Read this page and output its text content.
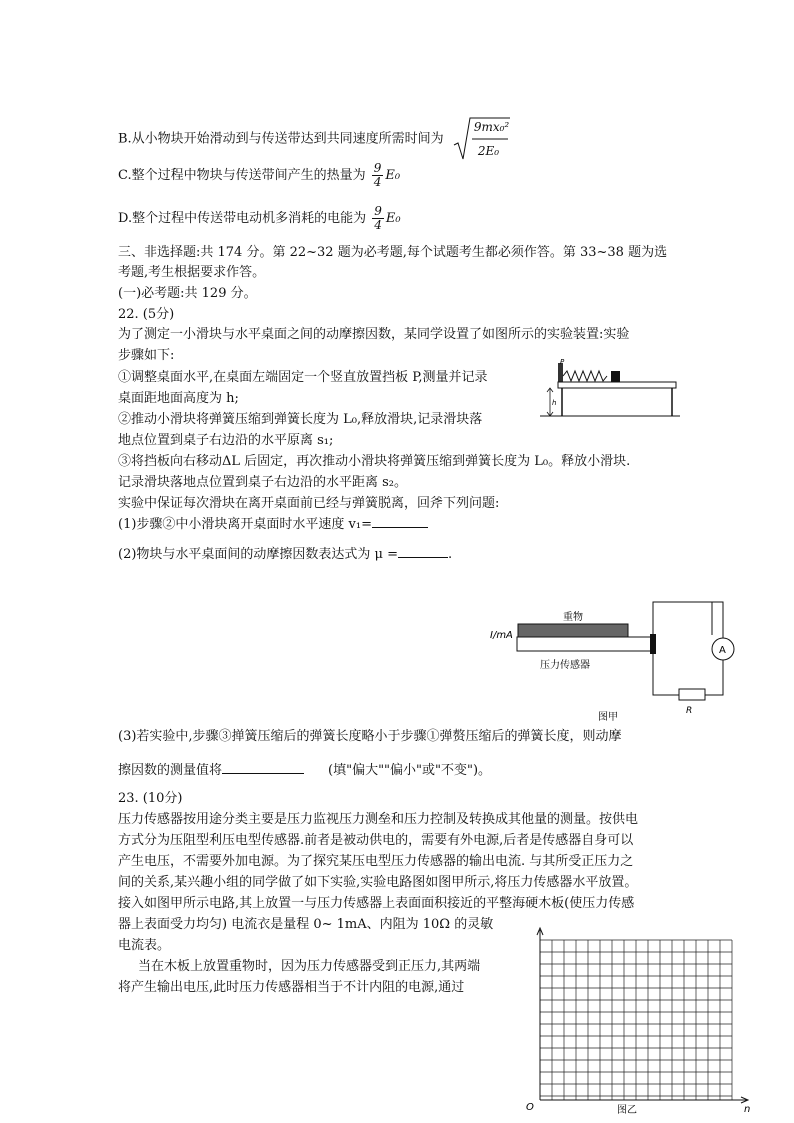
B.从小物块开始滑动到与传送带达到共同速度所需时间为
9mx₀²
2E₀
C.整个过程中物块与传送带间产生的热量为 $\frac{9}{4} E_0$
D.整个过程中传送带电动机多消耗的电能为 $\frac{9}{4} E_0$
三、非选择题:共 174 分。第 22~32 题为必考题,每个试题考生都必须作答。第 33~38 题为选
考题,考生根据要求作答。
(一)必考题:共 129 分。
22. (5分)
为了测定一小滑块与水平桌面之间的动摩擦因数，某同学设置了如图所示的实验装置:实验
步骤如下:
①调整桌面水平,在桌面左端固定一个竖直放置挡板 P,测量并记录
桌面距地面高度为 h;
②推动小滑块将弹簧压缩到弹簧长度为 L₀,释放滑块,记录滑块落
地点位置到桌子右边沿的水平原离 s₁;
③将挡板向右移动ΔL 后固定，再次推动小滑块将弹簧压缩到弹簧长度为 L₀。释放小滑块.
记录滑块落地点位置到桌子右边沿的水平距离 s₂。
实验中保证每次滑块在离开桌面前已经与弹簧脱离，回斧下列问题:
(1)步骤②中小滑块离开桌面时水平速度 v₁=
(2)物块与水平桌面间的动摩擦因数表达式为 μ =	.
P
h
重物
I/mA
压力传感器
A
R
图甲
(3)若实验中,步骤③掸簧压缩后的弹簧长度略小于步骤①弹赘压缩后的弹簧长度，则动摩
擦因数的测量值将	(填"偏大""偏小"或"不变")。
23. (10分)
压力传感器按用途分类主要是压力监视压力测垒和压力控制及转换成其他量的测量。按供电
方式分为压阻型利压电型传感器.前者是被动供电的，需要有外电源,后者是传感器自身可以
产生电压，不需要外加电源。为了探究某压电型压力传感器的输出电流. 与其所受正压力之
间的关系,某兴趣小组的同学做了如下实验,实验电路图如图甲所示,将压力传感器水平放置。
接入如图甲所示电路,其上放置一与压力传感器上表面面积接近的平整海硬木板(使压力传感
器上表面受力均匀) 电流衣是量程 0~ 1mA、内阻为 10Ω 的灵敏
电流表。
当在木板上放置重物时，因为压力传感器受到正压力,其两端
将产生输出电压,此时压力传感器相当于不计内阻的电源,通过
O	n
图乙
